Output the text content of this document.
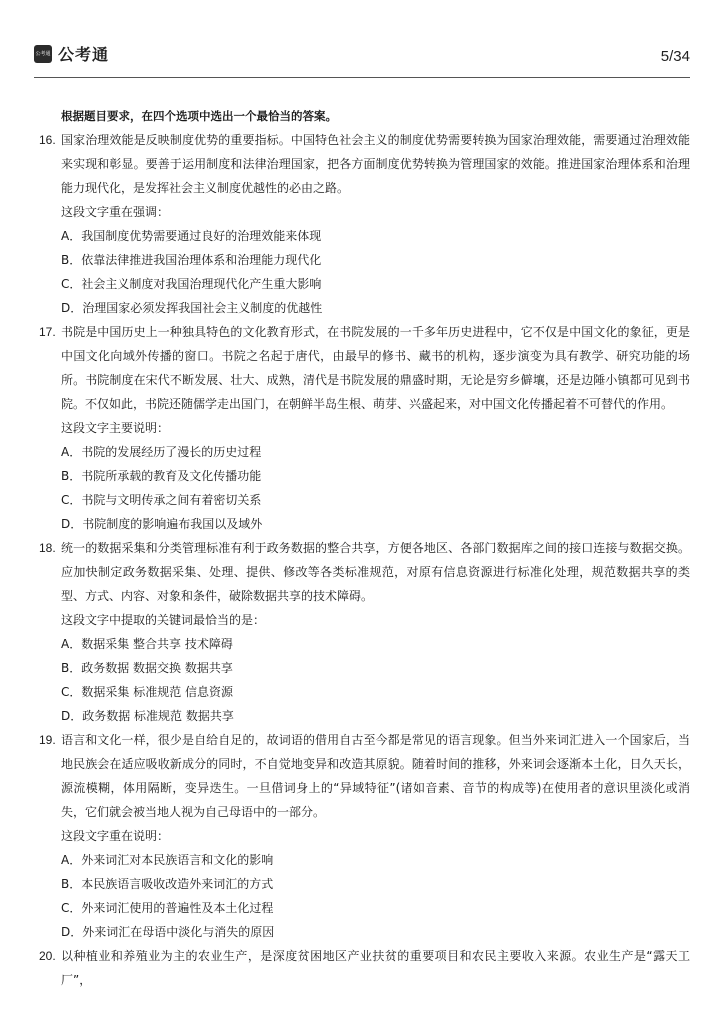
公考通 公考通	5/34
根据题目要求，在四个选项中选出一个最恰当的答案。
16. 国家治理效能是反映制度优势的重要指标。中国特色社会主义的制度优势需要转换为国家治理效能，需要通过治理效能来实现和彰显。要善于运用制度和法律治理国家，把各方面制度优势转换为管理国家的效能。推进国家治理体系和治理能力现代化，是发挥社会主义制度优越性的必由之路。
这段文字重在强调：
A．我国制度优势需要通过良好的治理效能来体现
B．依靠法律推进我国治理体系和治理能力现代化
C．社会主义制度对我国治理现代化产生重大影响
D．治理国家必须发挥我国社会主义制度的优越性
17. 书院是中国历史上一种独具特色的文化教育形式，在书院发展的一千多年历史进程中，它不仅是中国文化的象征，更是中国文化向域外传播的窗口。书院之名起于唐代，由最早的修书、藏书的机构，逐步演变为具有教学、研究功能的场所。书院制度在宋代不断发展、壮大、成熟，清代是书院发展的鼎盛时期，无论是穷乡僻壤，还是边陲小镇都可见到书院。不仅如此，书院还随儒学走出国门，在朝鲜半岛生根、萌芽、兴盛起来，对中国文化传播起着不可替代的作用。
这段文字主要说明：
A．书院的发展经历了漫长的历史过程
B．书院所承载的教育及文化传播功能
C．书院与文明传承之间有着密切关系
D．书院制度的影响遍布我国以及域外
18. 统一的数据采集和分类管理标准有利于政务数据的整合共享，方便各地区、各部门数据库之间的接口连接与数据交换。应加快制定政务数据采集、处理、提供、修改等各类标准规范，对原有信息资源进行标准化处理，规范数据共享的类型、方式、内容、对象和条件，破除数据共享的技术障碍。
这段文字中提取的关键词最恰当的是：
A．数据采集 整合共享 技术障碍
B．政务数据 数据交换 数据共享
C．数据采集 标准规范 信息资源
D．政务数据 标准规范 数据共享
19. 语言和文化一样，很少是自给自足的，故词语的借用自古至今都是常见的语言现象。但当外来词汇进入一个国家后，当地民族会在适应吸收新成分的同时，不自觉地变异和改造其原貌。随着时间的推移，外来词会逐渐本土化，日久天长，源流模糊，体用隔断，变异迭生。一旦借词身上的“异域特征”(诸如音素、音节的构成等)在使用者的意识里淡化或消失，它们就会被当地人视为自己母语中的一部分。
这段文字重在说明：
A．外来词汇对本民族语言和文化的影响
B．本民族语言吸收改造外来词汇的方式
C．外来词汇使用的普遍性及本土化过程
D．外来词汇在母语中淡化与消失的原因
20. 以种植业和养殖业为主的农业生产，是深度贫困地区产业扶贫的重要项目和农民主要收入来源。农业生产是“露天工厂”，
